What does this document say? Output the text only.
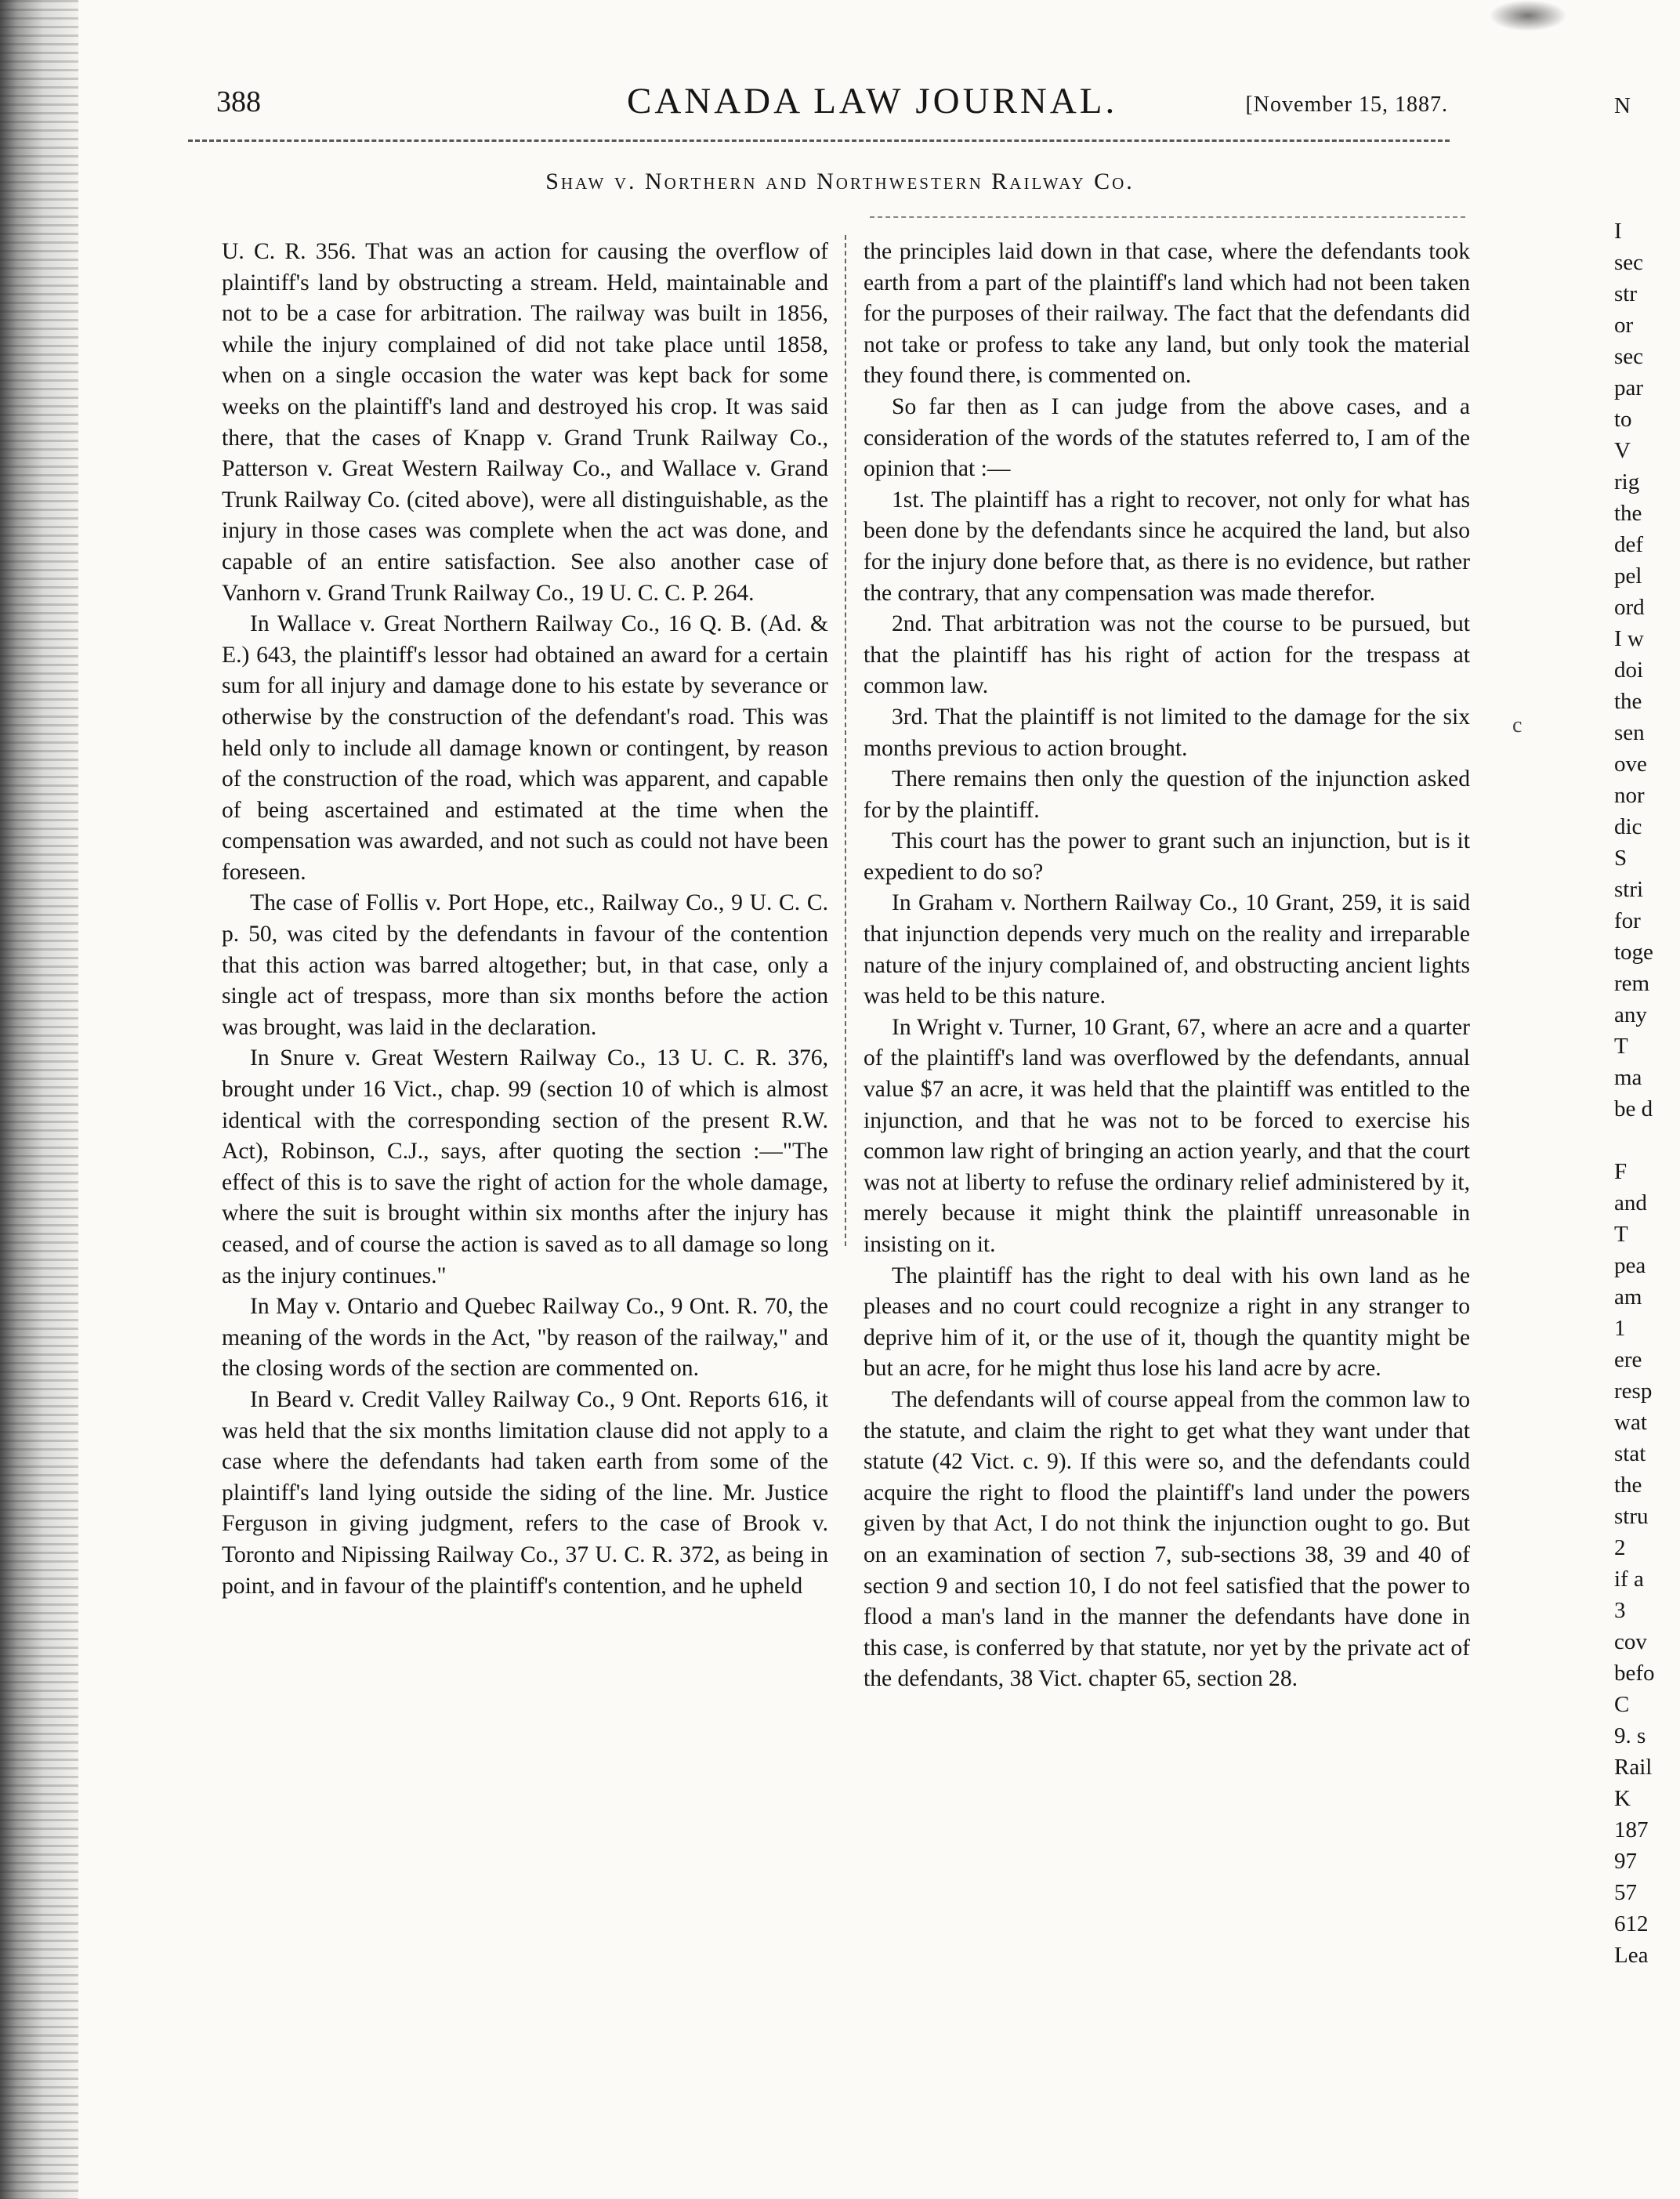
388	CANADA LAW JOURNAL.	[November 15, 1887.
Shaw v. Northern and Northwestern Railway Co.

U. C. R. 356. That was an action for causing the overflow of plaintiff's land by obstructing a stream. Held, maintainable and not to be a case for arbitration. The railway was built in 1856, while the injury complained of did not take place until 1858, when on a single occasion the water was kept back for some weeks on the plaintiff's land and destroyed his crop. It was said there, that the cases of Knapp v. Grand Trunk Railway Co., Patterson v. Great Western Railway Co., and Wallace v. Grand Trunk Railway Co. (cited above), were all distinguishable, as the injury in those cases was complete when the act was done, and capable of an entire satisfaction. See also another case of Vanhorn v. Grand Trunk Railway Co., 19 U. C. C. P. 264.

In Wallace v. Great Northern Railway Co., 16 Q. B. (Ad. & E.) 643, the plaintiff's lessor had obtained an award for a certain sum for all injury and damage done to his estate by severance or otherwise by the construction of the defendant's road. This was held only to include all damage known or contingent, by reason of the construction of the road, which was apparent, and capable of being ascertained and estimated at the time when the compensation was awarded, and not such as could not have been foreseen.

The case of Follis v. Port Hope, etc., Railway Co., 9 U. C. C. p. 50, was cited by the defendants in favour of the contention that this action was barred altogether; but, in that case, only a single act of trespass, more than six months before the action was brought, was laid in the declaration.

In Snure v. Great Western Railway Co., 13 U. C. R. 376, brought under 16 Vict., chap. 99 (section 10 of which is almost identical with the corresponding section of the present R.W. Act), Robinson, C.J., says, after quoting the section :—"The effect of this is to save the right of action for the whole damage, where the suit is brought within six months after the injury has ceased, and of course the action is saved as to all damage so long as the injury continues."

In May v. Ontario and Quebec Railway Co., 9 Ont. R. 70, the meaning of the words in the Act, "by reason of the railway," and the closing words of the section are commented on.

In Beard v. Credit Valley Railway Co., 9 Ont. Reports 616, it was held that the six months limitation clause did not apply to a case where the defendants had taken earth from some of the plaintiff's land lying outside the siding of the line. Mr. Justice Ferguson in giving judgment, refers to the case of Brook v. Toronto and Nipissing Railway Co., 37 U. C. R. 372, as being in point, and in favour of the plaintiff's contention, and he upheld

the principles laid down in that case, where the defendants took earth from a part of the plaintiff's land which had not been taken for the purposes of their railway. The fact that the defendants did not take or profess to take any land, but only took the material they found there, is commented on.

So far then as I can judge from the above cases, and a consideration of the words of the statutes referred to, I am of the opinion that :—

1st. The plaintiff has a right to recover, not only for what has been done by the defendants since he acquired the land, but also for the injury done before that, as there is no evidence, but rather the contrary, that any compensation was made therefor.

2nd. That arbitration was not the course to be pursued, but that the plaintiff has his right of action for the trespass at common law.

3rd. That the plaintiff is not limited to the damage for the six months previous to action brought.

There remains then only the question of the injunction asked for by the plaintiff.

This court has the power to grant such an injunction, but is it expedient to do so?

In Graham v. Northern Railway Co., 10 Grant, 259, it is said that injunction depends very much on the reality and irreparable nature of the injury complained of, and obstructing ancient lights was held to be this nature.

In Wright v. Turner, 10 Grant, 67, where an acre and a quarter of the plaintiff's land was overflowed by the defendants, annual value $7 an acre, it was held that the plaintiff was entitled to the injunction, and that he was not to be forced to exercise his common law right of bringing an action yearly, and that the court was not at liberty to refuse the ordinary relief administered by it, merely because it might think the plaintiff unreasonable in insisting on it.

The plaintiff has the right to deal with his own land as he pleases and no court could recognize a right in any stranger to deprive him of it, or the use of it, though the quantity might be but an acre, for he might thus lose his land acre by acre.

The defendants will of course appeal from the common law to the statute, and claim the right to get what they want under that statute (42 Vict. c. 9). If this were so, and the defendants could acquire the right to flood the plaintiff's land under the powers given by that Act, I do not think the injunction ought to go. But on an examination of section 7, sub-sections 38, 39 and 40 of section 9 and section 10, I do not feel satisfied that the power to flood a man's land in the manner the defendants have done in this case, is conferred by that statute, nor yet by the private act of the defendants, 38 Vict. chapter 65, section 28.

c
N
I
sec
str
or
sec
par
to
V
rig
the
def
pel
ord
I w
doi
the
sen
ove
nor
dic
S
stri
for
toge
rem
any
T
ma
be d
F
and
T
pea
am
1
ere
resp
wat
stat
the
stru
2
if a
3
cov
befo
C
9. s
Rail
K
187
97
57
612
Lea
